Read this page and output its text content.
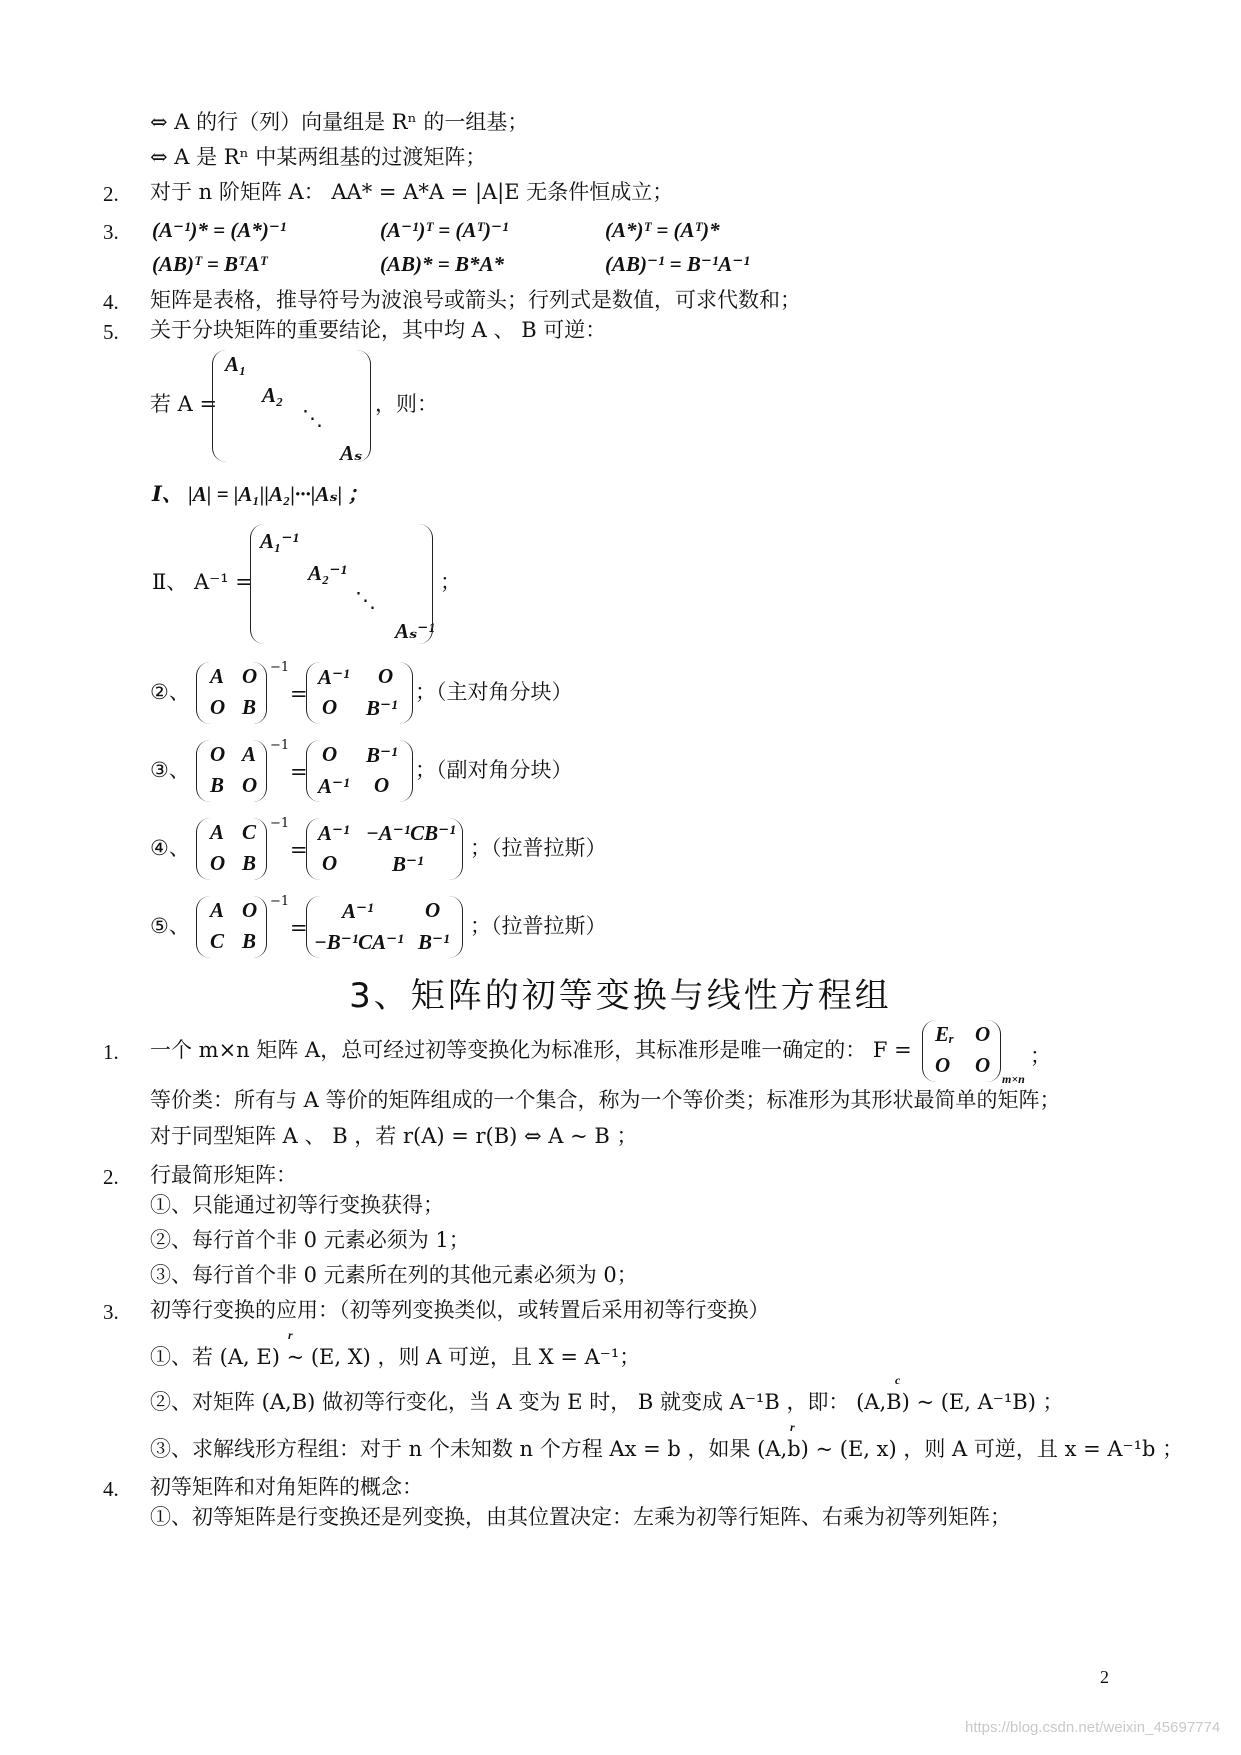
⇔ A 的行（列）向量组是 Rⁿ 的一组基；
⇔ A 是 Rⁿ 中某两组基的过渡矩阵；
2. 对于 n 阶矩阵 A： AA* = A*A = |A|E 无条件恒成立；
3. (A⁻¹)* = (A*)⁻¹	(A⁻¹)ᵀ = (Aᵀ)⁻¹	(A*)ᵀ = (Aᵀ)*
(AB)ᵀ = BᵀAᵀ	(AB)* = B*A*	(AB)⁻¹ = B⁻¹A⁻¹
4. 矩阵是表格，推导符号为波浪号或箭头；行列式是数值，可求代数和；
5. 关于分块矩阵的重要结论，其中均 A 、 B 可逆：
若 A =
A₁
A₂
⋱
Aₛ
，则：
Ⅰ、 |A| = |A₁||A₂|···|Aₛ| ；
Ⅱ、 A⁻¹ =
A₁⁻¹
A₂⁻¹
⋱
Aₛ⁻¹
；
②、
A O
O B
−1
=
A⁻¹ O
O B⁻¹
；（主对角分块）
③、
O A
B O
−1
=
O B⁻¹
A⁻¹ O
；（副对角分块）
④、
A C
O B
−1
=
A⁻¹ −A⁻¹CB⁻¹
O	B⁻¹
；（拉普拉斯）
⑤、
A O
C B
−1
=
A⁻¹ O
−B⁻¹CA⁻¹ B⁻¹
；（拉普拉斯）
3、矩阵的初等变换与线性方程组
1. 一个 m×n 矩阵 A，总可经过初等变换化为标准形，其标准形是唯一确定的： F =
Eᵣ O
O O
m×n
；
等价类：所有与 A 等价的矩阵组成的一个集合，称为一个等价类；标准形为其形状最简单的矩阵；
对于同型矩阵 A 、 B ，若 r(A) = r(B) ⇔ A ~ B ；
2. 行最简形矩阵：
①、只能通过初等行变换获得；
②、每行首个非 0 元素必须为 1；
③、每行首个非 0 元素所在列的其他元素必须为 0；
3. 初等行变换的应用：（初等列变换类似，或转置后采用初等行变换）
r
①、若 (A, E) ~ (E, X) ，则 A 可逆，且 X = A⁻¹；
c
②、对矩阵 (A,B) 做初等行变化，当 A 变为 E 时， B 就变成 A⁻¹B ，即： (A,B) ~ (E, A⁻¹B) ；
r
③、求解线形方程组：对于 n 个未知数 n 个方程 Ax = b ，如果 (A,b) ~ (E, x) ，则 A 可逆，且 x = A⁻¹b ；
4. 初等矩阵和对角矩阵的概念：
①、初等矩阵是行变换还是列变换，由其位置决定：左乘为初等行矩阵、右乘为初等列矩阵；
2
https://blog.csdn.net/weixin_45697774
